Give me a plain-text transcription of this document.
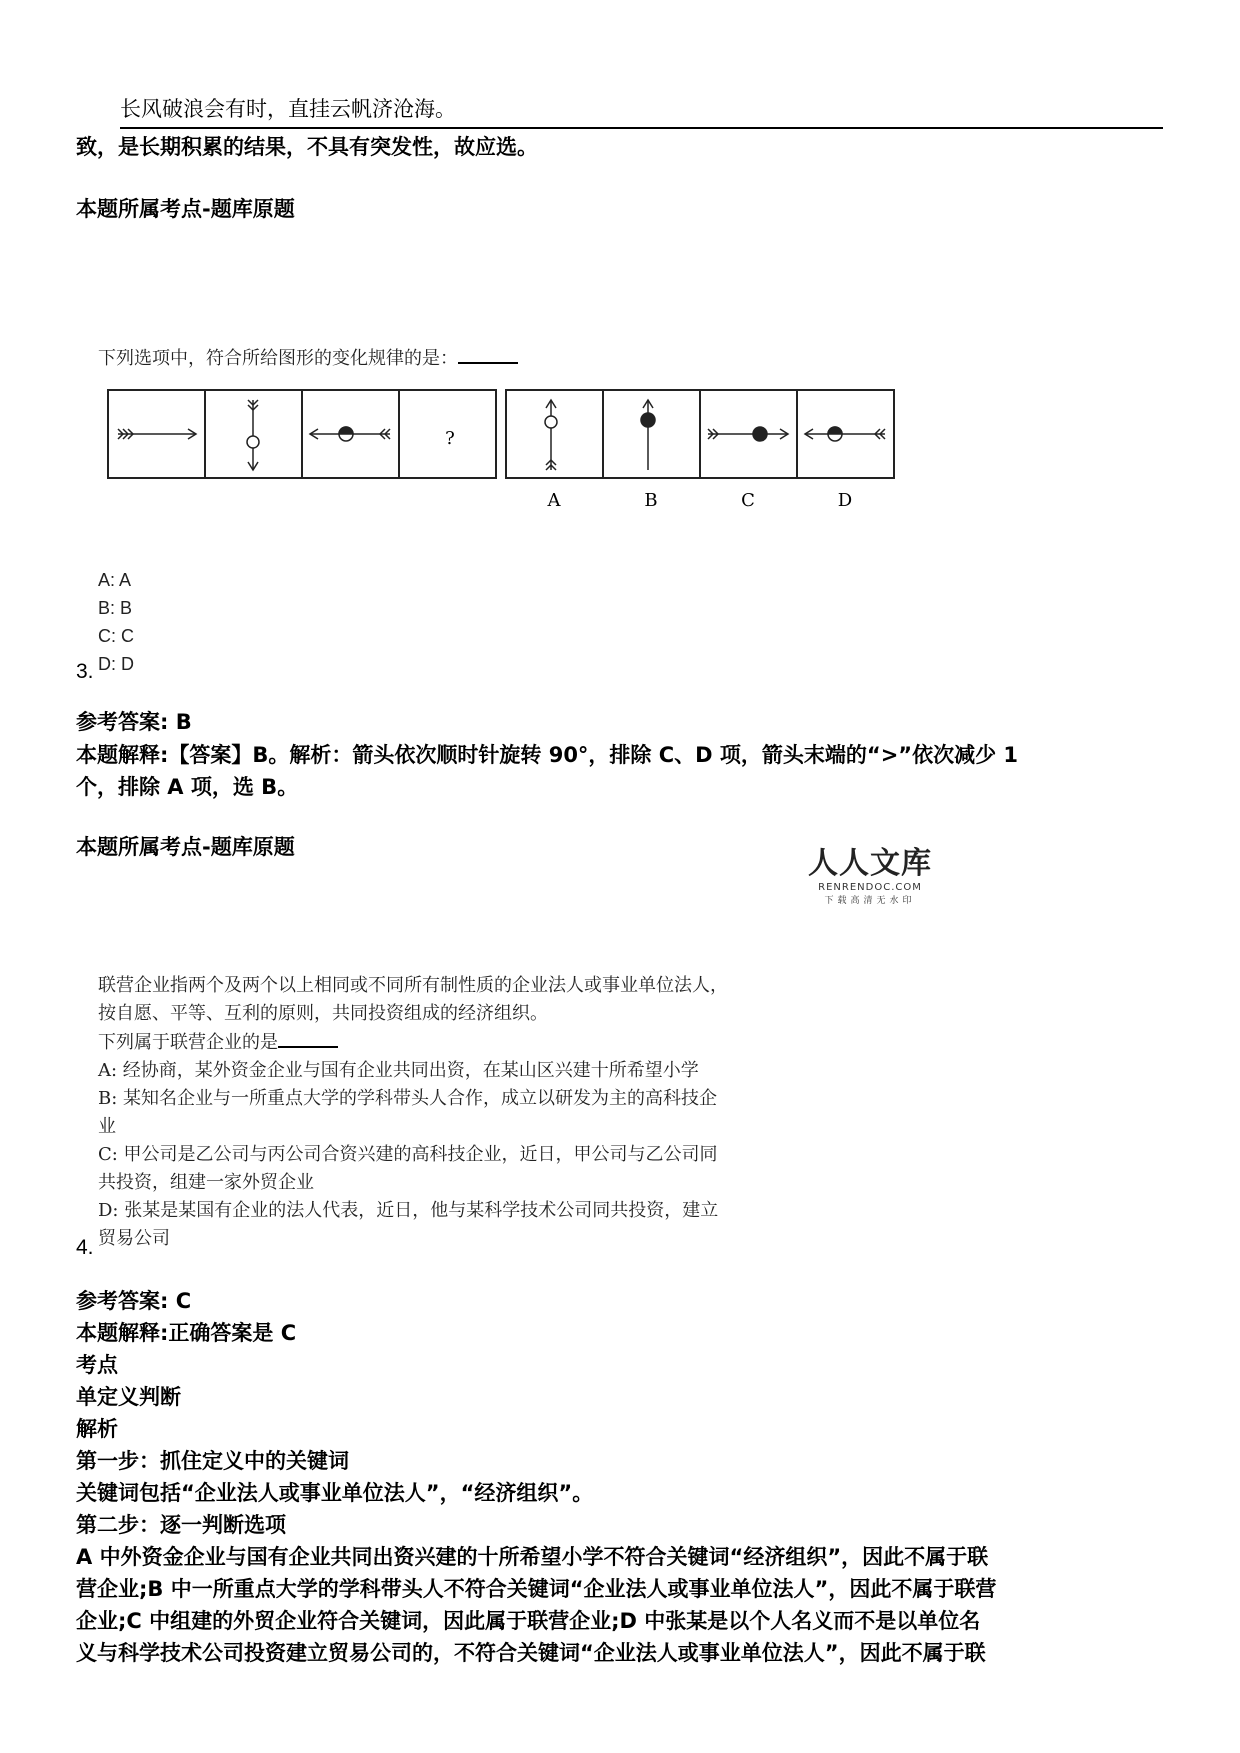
长风破浪会有时，直挂云帆济沧海。
致，是长期积累的结果，不具有突发性，故应选。
本题所属考点-题库原题
下列选项中，符合所给图形的变化规律的是：
?
A	B	C	D
A: A
B: B
C: C
D: D
3.
参考答案: B
本题解释:【答案】B。解析：箭头依次顺时针旋转 90°，排除 C、D 项，箭头末端的“>”依次减少 1
个，排除 A 项，选 B。
本题所属考点-题库原题	人人文库
RENRENDOC.COM
下载高清无水印
联营企业指两个及两个以上相同或不同所有制性质的企业法人或事业单位法人，
按自愿、平等、互利的原则，共同投资组成的经济组织。
下列属于联营企业的是
A: 经协商，某外资金企业与国有企业共同出资，在某山区兴建十所希望小学
B: 某知名企业与一所重点大学的学科带头人合作，成立以研发为主的高科技企
业
C: 甲公司是乙公司与丙公司合资兴建的高科技企业，近日，甲公司与乙公司同
共投资，组建一家外贸企业
D: 张某是某国有企业的法人代表，近日，他与某科学技术公司同共投资，建立
贸易公司
4.
参考答案: C
本题解释:正确答案是 C
考点
单定义判断
解析
第一步：抓住定义中的关键词
关键词包括“企业法人或事业单位法人”，“经济组织”。
第二步：逐一判断选项
A 中外资金企业与国有企业共同出资兴建的十所希望小学不符合关键词“经济组织”，因此不属于联
营企业;B 中一所重点大学的学科带头人不符合关键词“企业法人或事业单位法人”，因此不属于联营
企业;C 中组建的外贸企业符合关键词，因此属于联营企业;D 中张某是以个人名义而不是以单位名
义与科学技术公司投资建立贸易公司的，不符合关键词“企业法人或事业单位法人”，因此不属于联
